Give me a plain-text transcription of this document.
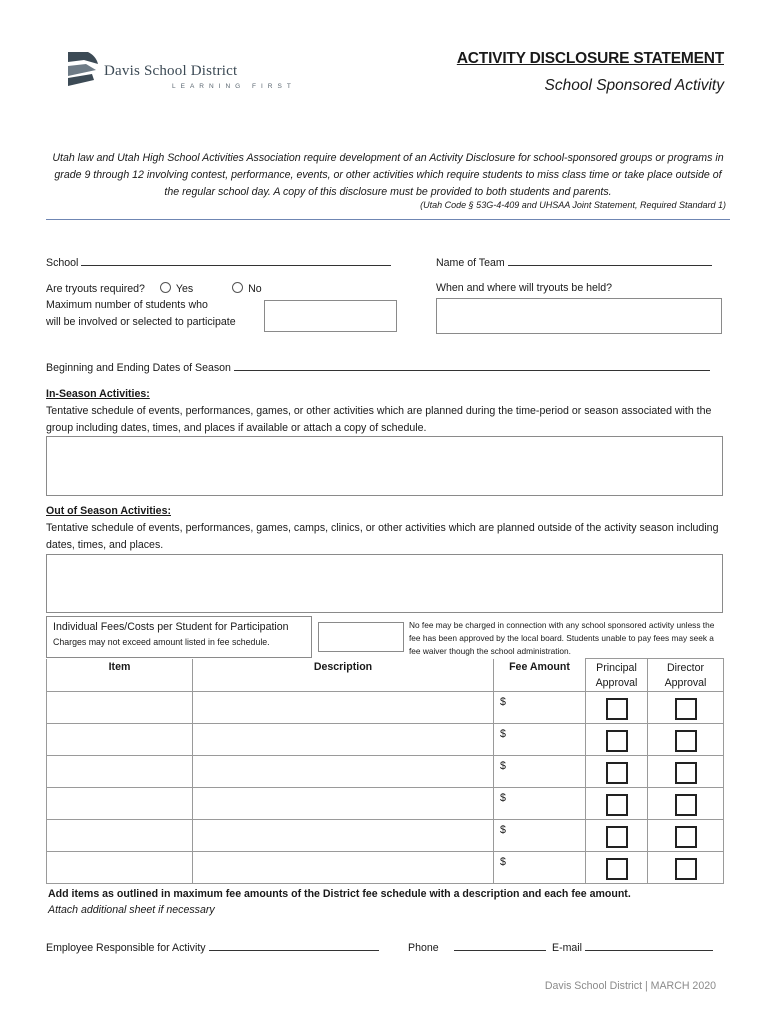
Davis School District
LEARNING FIRST
ACTIVITY DISCLOSURE STATEMENT
School Sponsored Activity
Utah law and Utah High School Activities Association require development of an Activity Disclosure for school-sponsored groups or programs in grade 9 through 12 involving contest, performance, events, or other activities which require students to miss class time or take place outside of the regular school day. A copy of this disclosure must be provided to both students and parents.
(Utah Code § 53G-4-409 and UHSAA Joint Statement, Required Standard 1)
School	Name of Team
Are tryouts required?	Yes	No
Maximum number of students who
will be involved or selected to participate
When and where will tryouts be held?
Beginning and Ending Dates of Season
In-Season Activities:
Tentative schedule of events, performances, games, or other activities which are planned during the time-period or season associated with the group including dates, times, and places if available or attach a copy of schedule.
Out of Season Activities:
Tentative schedule of events, performances, games, camps, clinics, or other activities which are planned outside of the activity season including dates, times, and places.
Individual Fees/Costs per Student for Participation
Charges may not exceed amount listed in fee schedule.
No fee may be charged in connection with any school sponsored activity unless the fee has been approved by the local board. Students unable to pay fees may seek a fee waiver though the school administration.
Item	Description	Fee Amount	Principal Approval	Director Approval
		$	

		$	

		$	

		$	

		$	

		$	

Add items as outlined in maximum fee amounts of the District fee schedule with a description and each fee amount.
Attach additional sheet if necessary
Employee Responsible for Activity	Phone	E-mail
Davis School District | MARCH 2020
